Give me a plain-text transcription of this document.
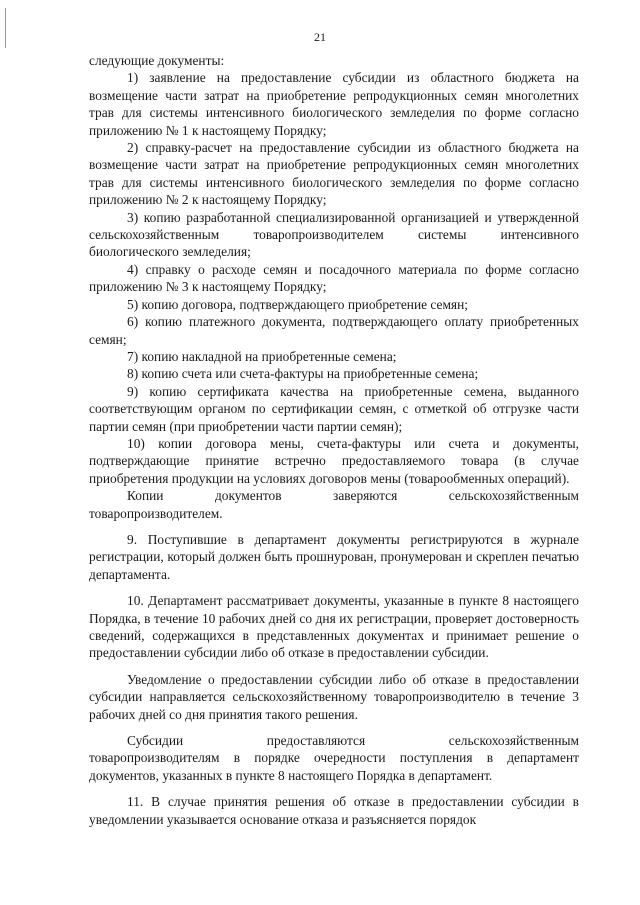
21

следующие документы:

1) заявление на предоставление субсидии из областного бюджета на возмещение части затрат на приобретение репродукционных семян многолетних трав для системы интенсивного биологического земледелия по форме согласно приложению № 1 к настоящему Порядку;

2) справку-расчет на предоставление субсидии из областного бюджета на возмещение части затрат на приобретение репродукционных семян многолетних трав для системы интенсивного биологического земледелия по форме согласно приложению № 2 к настоящему Порядку;

3) копию разработанной специализированной организацией и утвержденной сельскохозяйственным товаропроизводителем системы интенсивного биологического земледелия;

4) справку о расходе семян и посадочного материала по форме согласно приложению № 3 к настоящему Порядку;

5) копию договора, подтверждающего приобретение семян;

6) копию платежного документа, подтверждающего оплату приобретенных семян;

7) копию накладной на приобретенные семена;

8) копию счета или счета-фактуры на приобретенные семена;

9) копию сертификата качества на приобретенные семена, выданного соответствующим органом по сертификации семян, с отметкой об отгрузке части партии семян (при приобретении части партии семян);

10) копии договора мены, счета-фактуры или счета и документы, подтверждающие принятие встречно предоставляемого товара (в случае приобретения продукции на условиях договоров мены (товарообменных операций).

Копии	документов	заверяются	сельскохозяйственным

товаропроизводителем.

9. Поступившие в департамент документы регистрируются в журнале регистрации, который должен быть прошнурован, пронумерован и скреплен печатью департамента.

10. Департамент рассматривает документы, указанные в пункте 8 настоящего Порядка, в течение 10 рабочих дней со дня их регистрации, проверяет достоверность сведений, содержащихся в представленных документах и принимает решение о предоставлении субсидии либо об отказе в предоставлении субсидии.

Уведомление о предоставлении субсидии либо об отказе в предоставлении субсидии направляется сельскохозяйственному товаропроизводителю в течение 3 рабочих дней со дня принятия такого решения.

Субсидии	предоставляются	сельскохозяйственным

товаропроизводителям в порядке очередности поступления в департамент документов, указанных в пункте 8 настоящего Порядка в департамент.

11. В случае принятия решения об отказе в предоставлении субсидии в уведомлении указывается основание отказа и разъясняется порядок
